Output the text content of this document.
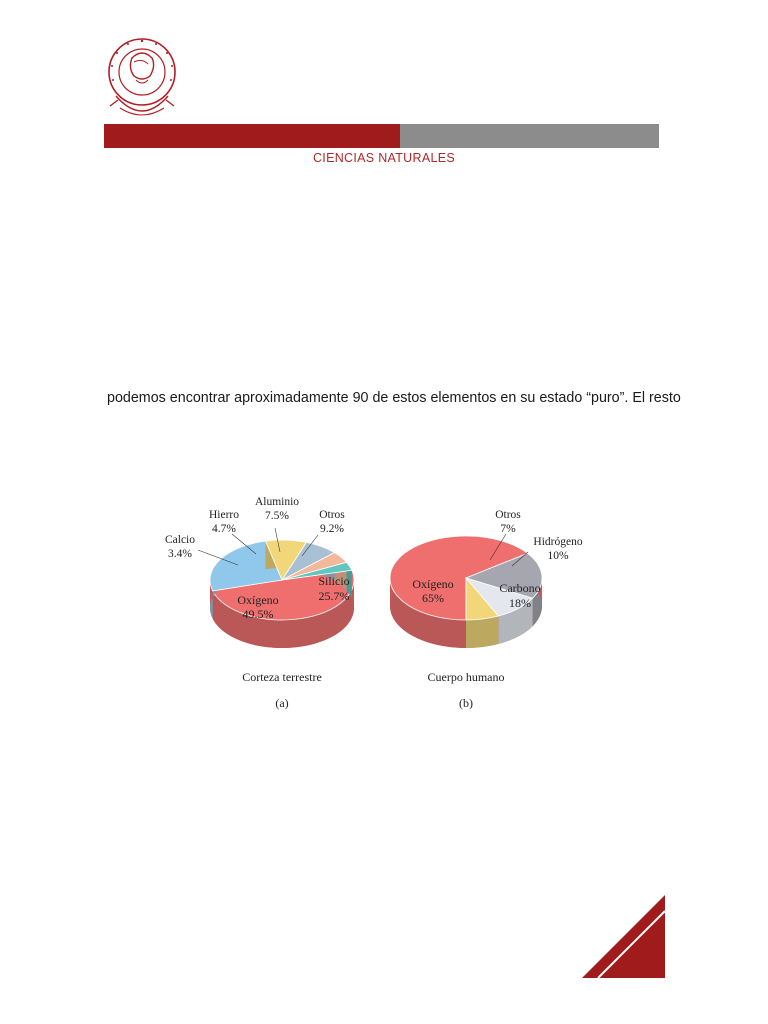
CIENCIAS NATURALES
podemos encontrar aproximadamente 90 de estos elementos en su estado “puro”. El resto
Calcio
3.4%
Hierro
4.7%
Aluminio
7.5%	Otros
9.2%
Silicio
25.7%
Oxígeno
49.5%
Corteza terrestre
(a)
Otros
7%
Hidrógeno
10%
Carbono
18%
Oxígeno
65%
Cuerpo humano
(b)
